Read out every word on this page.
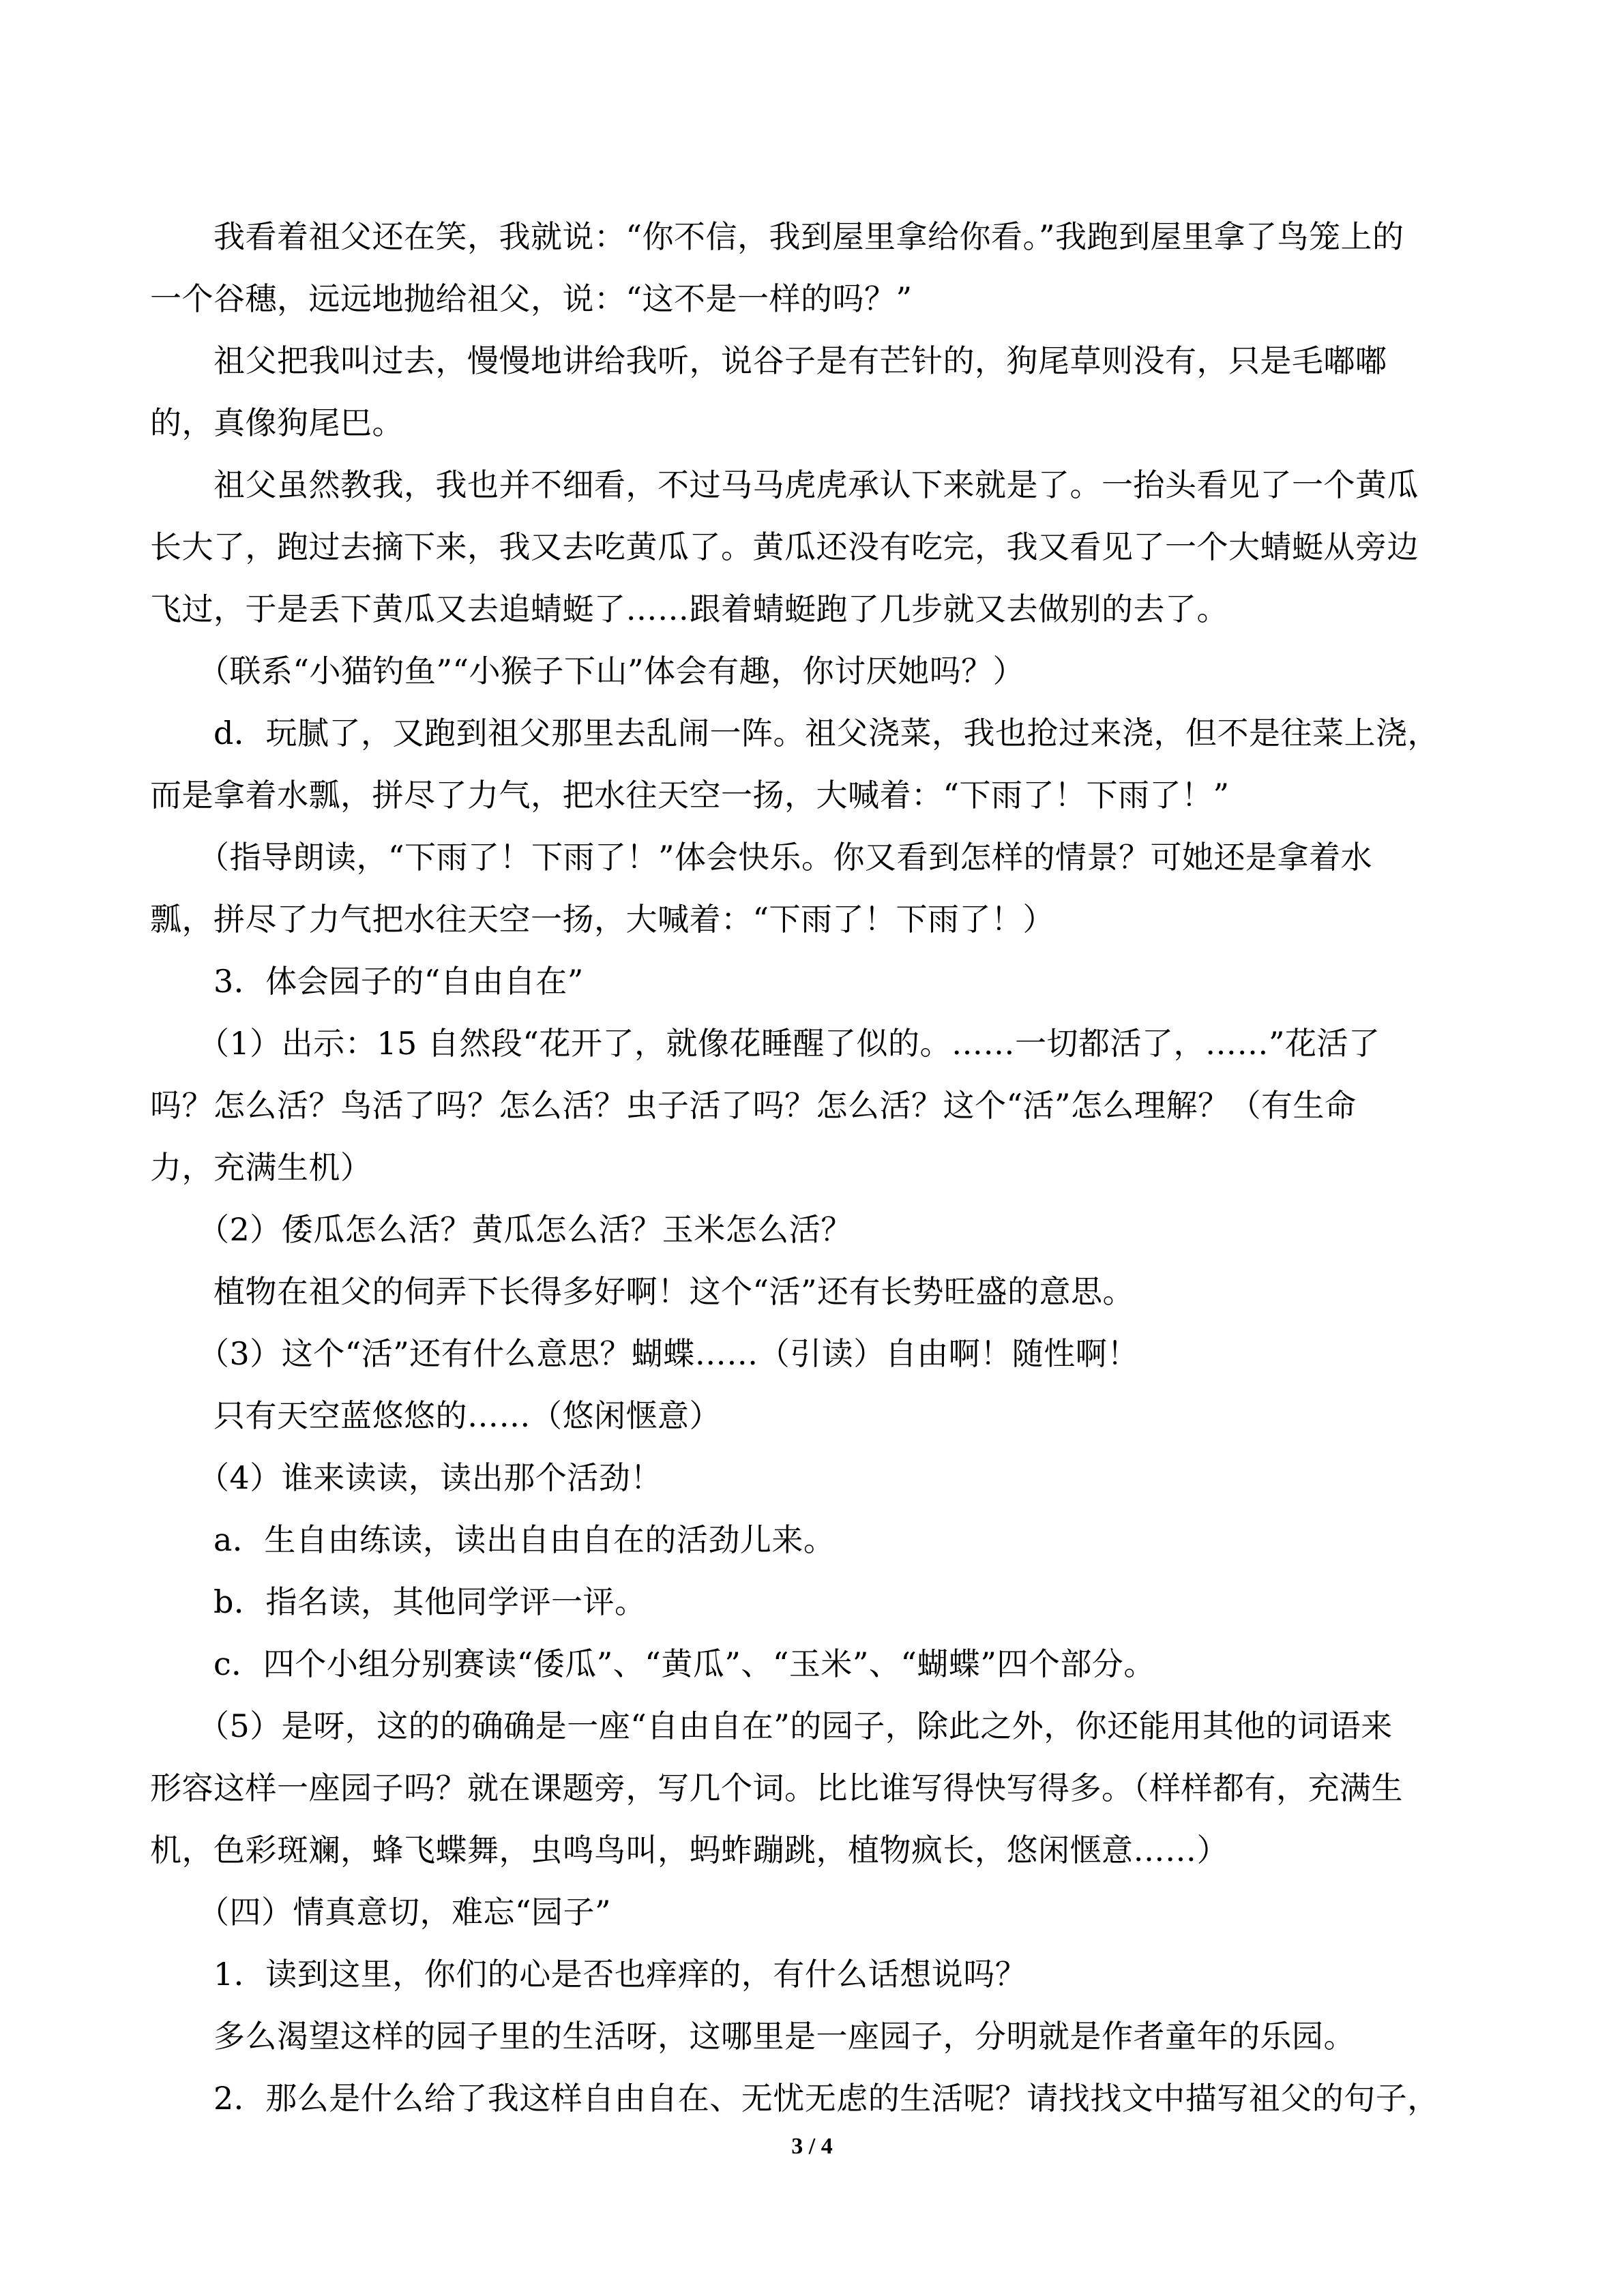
　　我看着祖父还在笑，我就说：“你不信，我到屋里拿给你看。”我跑到屋里拿了鸟笼上的
一个谷穗，远远地抛给祖父，说：“这不是一样的吗？”
　　祖父把我叫过去，慢慢地讲给我听，说谷子是有芒针的，狗尾草则没有，只是毛嘟嘟
的，真像狗尾巴。
　　祖父虽然教我，我也并不细看，不过马马虎虎承认下来就是了。一抬头看见了一个黄瓜
长大了，跑过去摘下来，我又去吃黄瓜了。黄瓜还没有吃完，我又看见了一个大蜻蜓从旁边
飞过，于是丢下黄瓜又去追蜻蜓了……跟着蜻蜓跑了几步就又去做别的去了。
　　（联系“小猫钓鱼”“小猴子下山”体会有趣，你讨厌她吗？）
　　d．玩腻了，又跑到祖父那里去乱闹一阵。祖父浇菜，我也抢过来浇，但不是往菜上浇，
而是拿着水瓢，拼尽了力气，把水往天空一扬，大喊着：“下雨了！下雨了！”
　　（指导朗读，“下雨了！下雨了！”体会快乐。你又看到怎样的情景？可她还是拿着水
瓢，拼尽了力气把水往天空一扬，大喊着：“下雨了！下雨了！）
　　3．体会园子的“自由自在”
　　（1）出示：15 自然段“花开了，就像花睡醒了似的。……一切都活了，……”花活了
吗？怎么活？鸟活了吗？怎么活？虫子活了吗？怎么活？这个“活”怎么理解？（有生命
力，充满生机）
　　（2）倭瓜怎么活？黄瓜怎么活？玉米怎么活？
　　植物在祖父的伺弄下长得多好啊！这个“活”还有长势旺盛的意思。
　　（3）这个“活”还有什么意思？蝴蝶……（引读）自由啊！随性啊！
　　只有天空蓝悠悠的……（悠闲惬意）
　　（4）谁来读读，读出那个活劲！
　　a．生自由练读，读出自由自在的活劲儿来。
　　b．指名读，其他同学评一评。
　　c．四个小组分别赛读“倭瓜”、“黄瓜”、“玉米”、“蝴蝶”四个部分。
　　（5）是呀，这的的确确是一座“自由自在”的园子，除此之外，你还能用其他的词语来
形容这样一座园子吗？就在课题旁，写几个词。比比谁写得快写得多。（样样都有，充满生
机，色彩斑斓，蜂飞蝶舞，虫鸣鸟叫，蚂蚱蹦跳，植物疯长，悠闲惬意……）
　　（四）情真意切，难忘“园子”
　　1．读到这里，你们的心是否也痒痒的，有什么话想说吗？
　　多么渴望这样的园子里的生活呀，这哪里是一座园子，分明就是作者童年的乐园。
　　2．那么是什么给了我这样自由自在、无忧无虑的生活呢？请找找文中描写祖父的句子，
3 / 4
